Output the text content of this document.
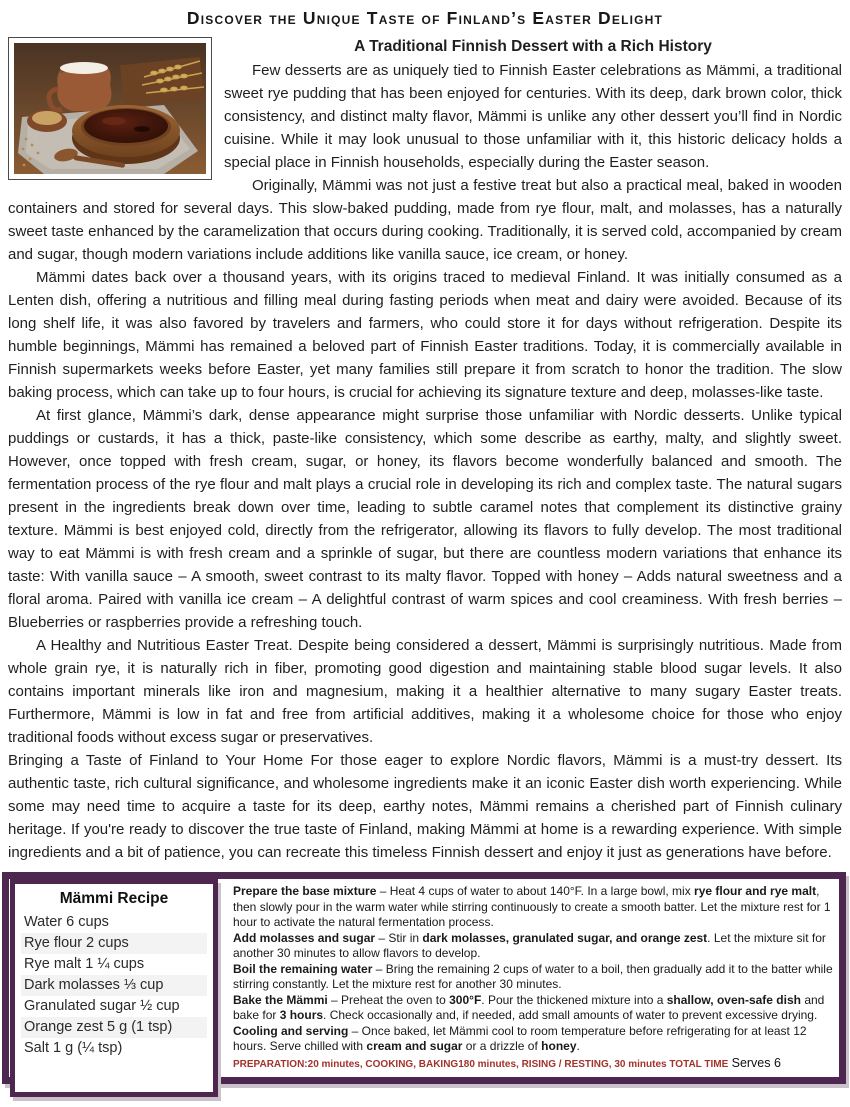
Discover the Unique Taste of Finland’s Easter Delight
A Traditional Finnish Dessert with a Rich History
Few desserts are as uniquely tied to Finnish Easter celebrations as Mämmi, a traditional sweet rye pudding that has been enjoyed for centuries. With its deep, dark brown color, thick consistency, and distinct malty flavor, Mämmi is unlike any other dessert you’ll find in Nordic cuisine. While it may look unusual to those unfamiliar with it, this historic delicacy holds a special place in Finnish households, especially during the Easter season.
Originally, Mämmi was not just a festive treat but also a practical meal, baked in wooden containers and stored for several days. This slow-baked pudding, made from rye flour, malt, and molasses, has a naturally sweet taste enhanced by the caramelization that occurs during cooking. Traditionally, it is served cold, accompanied by cream and sugar, though modern variations include additions like vanilla sauce, ice cream, or honey.
Mämmi dates back over a thousand years, with its origins traced to medieval Finland. It was initially consumed as a Lenten dish, offering a nutritious and filling meal during fasting periods when meat and dairy were avoided. Because of its long shelf life, it was also favored by travelers and farmers, who could store it for days without refrigeration. Despite its humble beginnings, Mämmi has remained a beloved part of Finnish Easter traditions. Today, it is commercially available in Finnish supermarkets weeks before Easter, yet many families still prepare it from scratch to honor the tradition. The slow baking process, which can take up to four hours, is crucial for achieving its signature texture and deep, molasses-like taste.
At first glance, Mämmi’s dark, dense appearance might surprise those unfamiliar with Nordic desserts. Unlike typical puddings or custards, it has a thick, paste-like consistency, which some describe as earthy, malty, and slightly sweet. However, once topped with fresh cream, sugar, or honey, its flavors become wonderfully balanced and smooth. The fermentation process of the rye flour and malt plays a crucial role in developing its rich and complex taste. The natural sugars present in the ingredients break down over time, leading to subtle caramel notes that complement its distinctive grainy texture. Mämmi is best enjoyed cold, directly from the refrigerator, allowing its flavors to fully develop. The most traditional way to eat Mämmi is with fresh cream and a sprinkle of sugar, but there are countless modern variations that enhance its taste: With vanilla sauce – A smooth, sweet contrast to its malty flavor. Topped with honey – Adds natural sweetness and a floral aroma. Paired with vanilla ice cream – A delightful contrast of warm spices and cool creaminess. With fresh berries – Blueberries or raspberries provide a refreshing touch.
A Healthy and Nutritious Easter Treat. Despite being considered a dessert, Mämmi is surprisingly nutritious. Made from whole grain rye, it is naturally rich in fiber, promoting good digestion and maintaining stable blood sugar levels. It also contains important minerals like iron and magnesium, making it a healthier alternative to many sugary Easter treats. Furthermore, Mämmi is low in fat and free from artificial additives, making it a wholesome choice for those who enjoy traditional foods without excess sugar or preservatives.
Bringing a Taste of Finland to Your Home For those eager to explore Nordic flavors, Mämmi is a must-try dessert. Its authentic taste, rich cultural significance, and wholesome ingredients make it an iconic Easter dish worth experiencing. While some may need time to acquire a taste for its deep, earthy notes, Mämmi remains a cherished part of Finnish culinary heritage. If you're ready to discover the true taste of Finland, making Mämmi at home is a rewarding experience. With simple ingredients and a bit of patience, you can recreate this timeless Finnish dessert and enjoy it just as generations have before.
Prepare the base mixture – Heat 4 cups of water to about 140°F. In a large bowl, mix rye flour and rye malt, then slowly pour in the warm water while stirring continuously to create a smooth batter. Let the mixture rest for 1 hour to activate the natural fermentation process.
Add molasses and sugar – Stir in dark molasses, granulated sugar, and orange zest. Let the mixture sit for another 30 minutes to allow flavors to develop.
Boil the remaining water – Bring the remaining 2 cups of water to a boil, then gradually add it to the batter while stirring constantly. Let the mixture rest for another 30 minutes.
Bake the Mämmi – Preheat the oven to 300°F. Pour the thickened mixture into a shallow, oven-safe dish and bake for 3 hours. Check occasionally and, if needed, add small amounts of water to prevent excessive drying.
Cooling and serving – Once baked, let Mämmi cool to room temperature before refrigerating for at least 12 hours. Serve chilled with cream and sugar or a drizzle of honey.
PREPARATION:20 minutes, COOKING, BAKING180 minutes, RISING / RESTING, 30 minutes TOTAL TIME Serves 6
Mämmi Recipe
Water 6 cups
Rye flour 2 cups
Rye malt 1 ¼ cups
Dark molasses ⅓ cup
Granulated sugar ½ cup
Orange zest 5 g (1 tsp)
Salt 1 g (¼ tsp)
